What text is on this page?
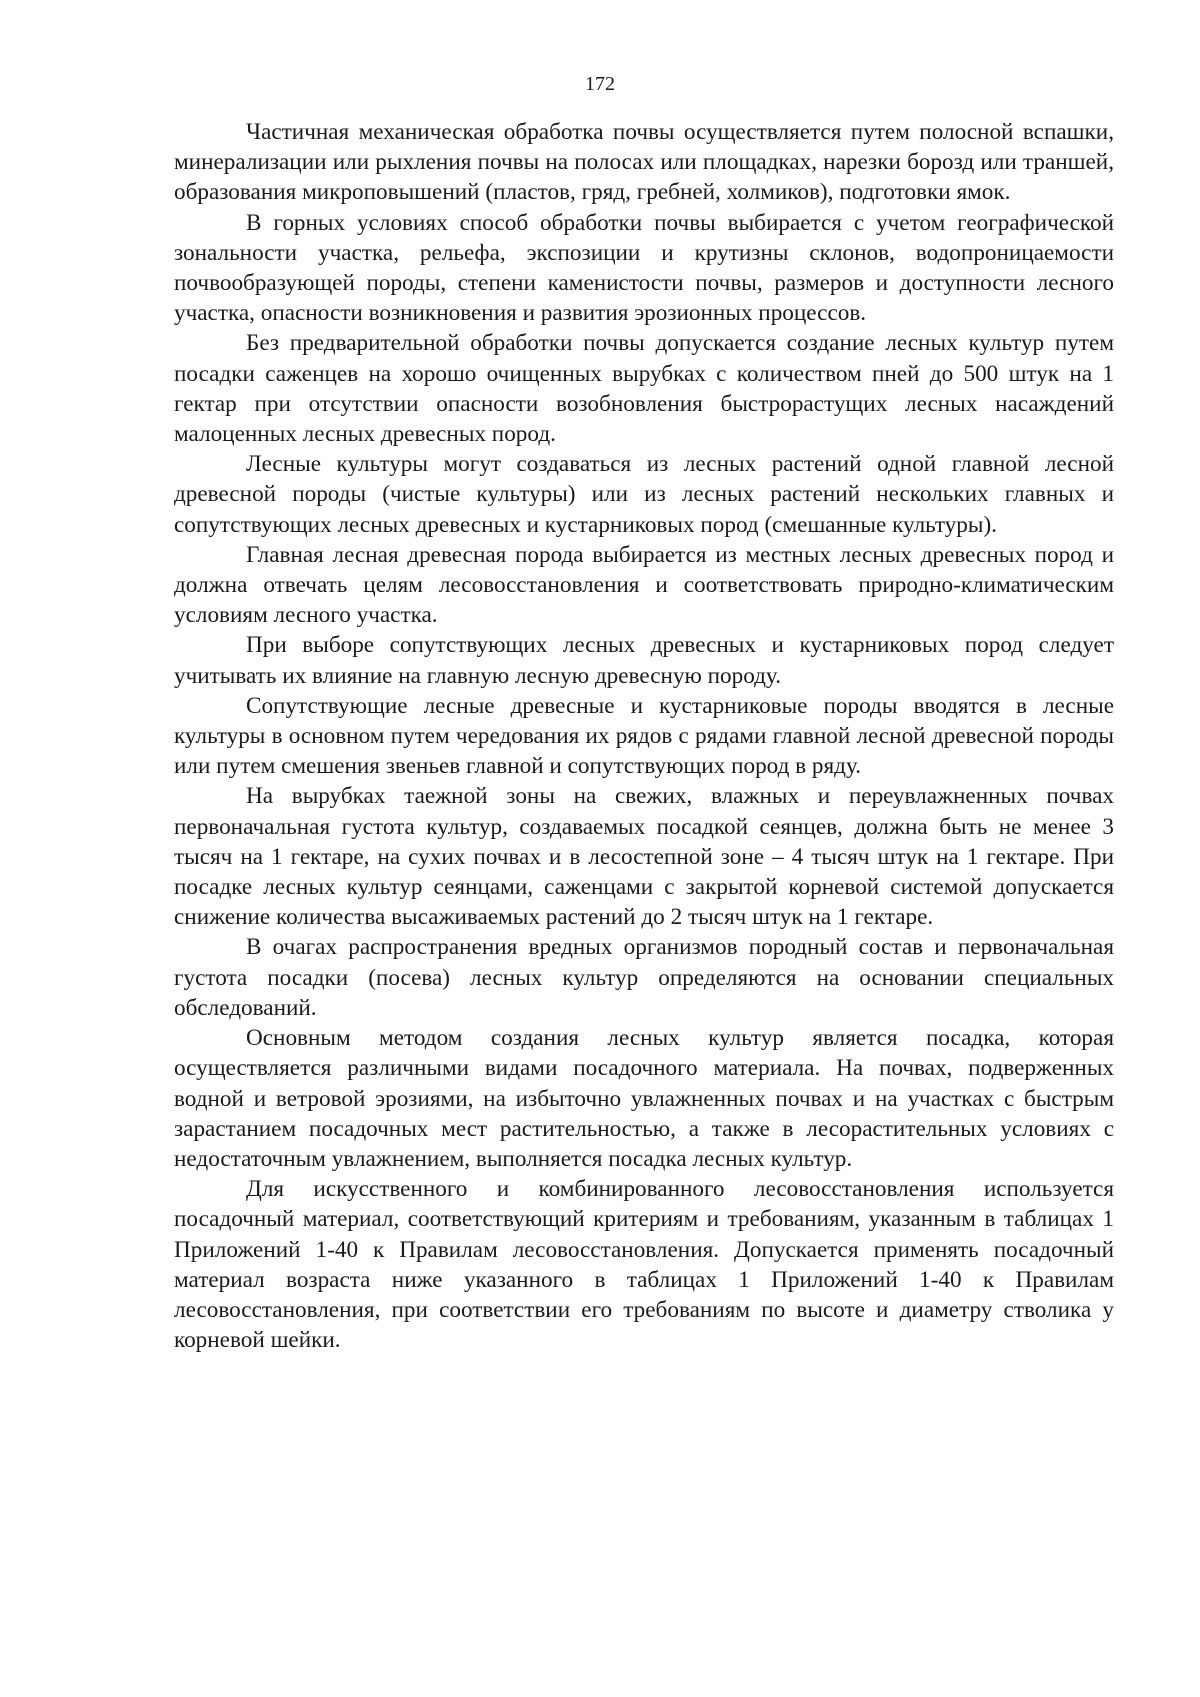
172

Частичная механическая обработка почвы осуществляется путем полосной вспашки, минерализации или рыхления почвы на полосах или площадках, нарезки борозд или траншей, образования микроповышений (пластов, гряд, гребней, холмиков), подготовки ямок.

В горных условиях способ обработки почвы выбирается с учетом географической зональности участка, рельефа, экспозиции и крутизны склонов, водопроницаемости почвообразующей породы, степени каменистости почвы, размеров и доступности лесного участка, опасности возникновения и развития эрозионных процессов.

Без предварительной обработки почвы допускается создание лесных культур путем посадки саженцев на хорошо очищенных вырубках с количеством пней до 500 штук на 1 гектар при отсутствии опасности возобновления быстрорастущих лесных насаждений малоценных лесных древесных пород.

Лесные культуры могут создаваться из лесных растений одной главной лесной древесной породы (чистые культуры) или из лесных растений нескольких главных и сопутствующих лесных древесных и кустарниковых пород (смешанные культуры).

Главная лесная древесная порода выбирается из местных лесных древесных пород и должна отвечать целям лесовосстановления и соответствовать природно-климатическим условиям лесного участка.

При выборе сопутствующих лесных древесных и кустарниковых пород следует учитывать их влияние на главную лесную древесную породу.

Сопутствующие лесные древесные и кустарниковые породы вводятся в лесные культуры в основном путем чередования их рядов с рядами главной лесной древесной породы или путем смешения звеньев главной и сопутствующих пород в ряду.

На вырубках таежной зоны на свежих, влажных и переувлажненных почвах первоначальная густота культур, создаваемых посадкой сеянцев, должна быть не менее 3 тысяч на 1 гектаре, на сухих почвах и в лесостепной зоне – 4 тысяч штук на 1 гектаре. При посадке лесных культур сеянцами, саженцами с закрытой корневой системой допускается снижение количества высаживаемых растений до 2 тысяч штук на 1 гектаре.

В очагах распространения вредных организмов породный состав и первоначальная густота посадки (посева) лесных культур определяются на основании специальных обследований.

Основным методом создания лесных культур является посадка, которая осуществляется различными видами посадочного материала. На почвах, подверженных водной и ветровой эрозиями, на избыточно увлажненных почвах и на участках с быстрым зарастанием посадочных мест растительностью, а также в лесорастительных условиях с недостаточным увлажнением, выполняется посадка лесных культур.

Для искусственного и комбинированного лесовосстановления используется посадочный материал, соответствующий критериям и требованиям, указанным в таблицах 1 Приложений 1-40 к Правилам лесовосстановления. Допускается применять посадочный материал возраста ниже указанного в таблицах 1 Приложений 1-40 к Правилам лесовосстановления, при соответствии его требованиям по высоте и диаметру стволика у корневой шейки.
